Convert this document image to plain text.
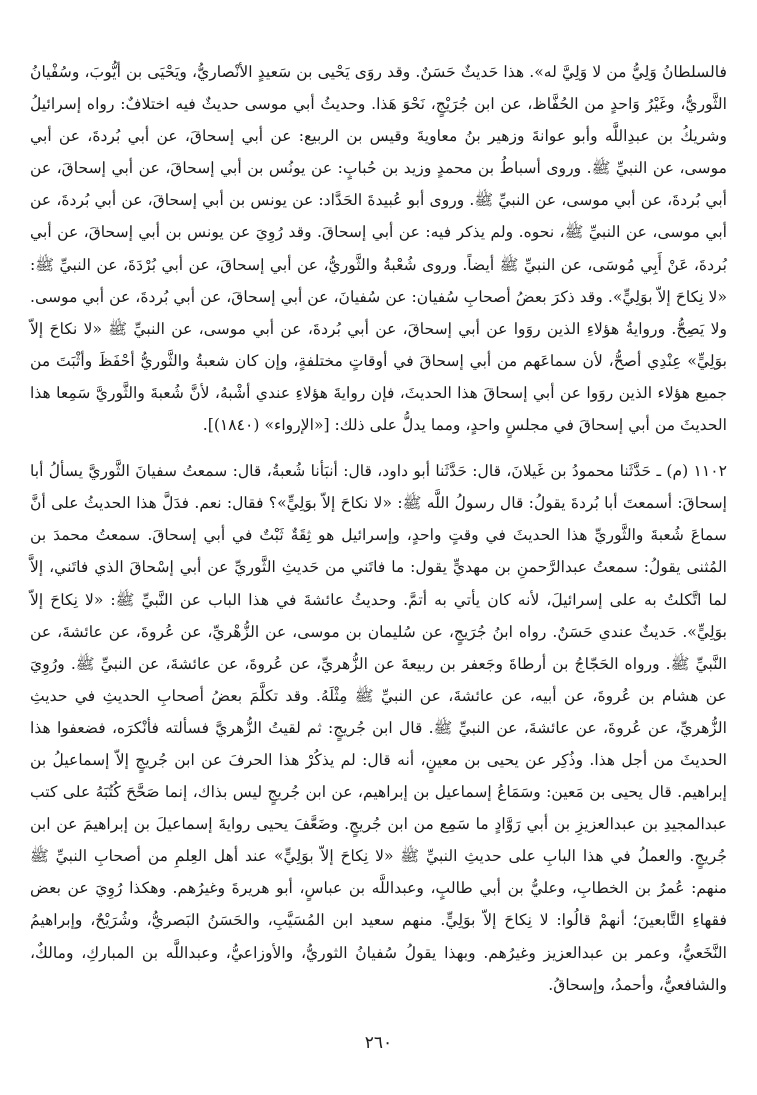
فالسلطانُ وَلِيُّ من لا وَلِيَّ له». هذا حَديثٌ حَسَنٌ. وقد روَى يَحْيى بن سَعيدٍ الأنْصاريُّ، ويَحْيَى بن أيُّوبَ، وسُفْيانُ الثَّوريُّ، وغَيْرُ وَاحدٍ من الحُفَّاظ، عن ابن جُرَيْجٍ، نَحْوَ هَذا. وحديثُ أبي موسى حديثٌ فيه اختلافٌ: رواه إسرائيلُ وشريكُ بن عبدِاللَّه وأبو عوانةَ وزهير بنُ معاويةَ وقيس بن الربيع: عن أبي إسحاقَ، عن أبي بُردةَ، عن أبي موسى، عن النبيِّ ﷺ. وروى أسباطُ بن محمدٍ وزيد بن حُبابٍ: عن يونُس بن أبي إسحاقَ، عن أبي إسحاقَ، عن أبي بُردةَ، عن أبي موسى، عن النبيِّ ﷺ. وروى أبو عُبيدةَ الحَدَّاد: عن يونس بن أبي إسحاقَ، عن أبي بُردةَ، عن أبي موسى، عن النبيِّ ﷺ، نحوه. ولم يذكر فيه: عن أبي إسحاقَ. وقد رُوِيَ عن يونس بن أبي إسحاقَ، عن أبي بُردةَ، عَنْ أَبِي مُوسَى، عن النبيِّ ﷺ أيضاً. وروى شُعْبةُ والثَّوريُّ، عن أبي إسحاقَ، عن أبي بُرْدَةَ، عن النبيِّ ﷺ: «لا نِكاحَ إلاّ بوَلِيٍّ». وقد ذكرَ بعضُ أصحابِ سُفيان: عن سُفيانَ، عن أبي إسحاقَ، عن أبي بُردةَ، عن أبي موسى. ولا يَصِحُّ. وروايةُ هؤلاءِ الذين روَوا عن أبي إسحاقَ، عن أبي بُردةَ، عن أبي موسى، عن النبيِّ ﷺ «لا نكاحَ إلاّ بوَلِيٍّ» عِنْدِي أصحُّ، لأن سماعَهم من أبي إسحاقَ في أوقاتٍ مختلفةٍ، وإن كان شعبةُ والثَّوريُّ أحْفَظَ وأثْبَتَ من جميع هؤلاء الذين روَوا عن أبي إسحاقَ هذا الحديثَ، فإن روايةَ هؤلاءِ عندي أشْبهُ، لأنَّ شُعبةَ والثَّوريَّ سَمِعا هذا الحديثَ من أبي إسحاقَ في مجلسٍ واحدٍ، ومما يدلُّ على ذلك: [«الإرواء» (١٨٤٠)].

١١٠٢ (م) ـ حَدَّثَنا محمودُ بن غَيلانَ، قال: حَدَّثَنا أبو داود، قال: أنبَأنا شُعبةُ، قال: سمعتُ سفيانَ الثَّوريَّ يسألُ أبا إسحاقَ: أسمعتَ أبا بُردةَ يقولُ: قال رسولُ اللَّه ﷺ: «لا نكاحَ إلاّ بوَلِيٍّ»؟ فقال: نعم. فدَلَّ هذا الحديثُ على أنَّ سماعَ شُعبةَ والثَّوريِّ هذا الحديثَ في وقتٍ واحدٍ، وإسرائيل هو ثِقَةٌ ثَبْتٌ في أبي إسحاقَ. سمعتُ محمدَ بن المُثنى يقولُ: سمعتُ عبدالرَّحمنِ بن مهديٍّ يقول: ما فاتَني من حَديثِ الثَّوريِّ عن أبي إسْحاقَ الذي فاتَني، إلاَّ لما اتَّكلتُ به على إسرائيلَ، لأنه كان يأتي به أتمَّ. وحديثُ عائشةَ في هذا الباب عن النَّبيِّ ﷺ: «لا نِكاحَ إلاّ بوَلِيٍّ». حَديثٌ عندي حَسَنٌ. رواه ابنُ جُرَيجٍ، عن سُليمان بن موسى، عن الزُّهْريِّ، عن عُروةَ، عن عائشةَ، عن النَّبيِّ ﷺ. ورواه الحَجّاجُ بن أرطاةَ وجَعفر بن ربيعةَ عن الزُّهريِّ، عن عُروةَ، عن عائشةَ، عن النبيِّ ﷺ. ورُوِيَ عن هشام بن عُروةَ، عن أبيه، عن عائشةَ، عن النبيِّ ﷺ مِثْلَهُ. وقد تكلَّمَ بعضُ أصحابِ الحديثِ في حديثِ الزُّهريِّ، عن عُروةَ، عن عائشةَ، عن النبيِّ ﷺ. قال ابن جُريجٍ: ثم لقيتُ الزُّهريَّ فسألته فأنْكرَه، فضعفوا هذا الحديثَ من أجل هذا. وذُكِر عن يحيى بن معينٍ، أنه قال: لم يذكُرْ هذا الحرفَ عن ابن جُريجٍ إلاّ إسماعيلُ بن إبراهيم. قال يحيى بن مَعين: وسَمَاعُ إسماعيل بن إبراهيم، عن ابن جُريجٍ ليس بذاك، إنما صَحَّحَ كُتُبَهُ على كتب عبدالمجيدِ بن عبدالعزيزِ بن أبي رَوَّادٍ ما سَمِع من ابن جُريجٍ. وضَعَّفَ يحيى روايةَ إسماعيلَ بن إبراهيمَ عن ابن جُريجٍ. والعملُ في هذا البابِ على حديثِ النبيِّ ﷺ «لا نِكاحَ إلاّ بوَلِيٍّ» عند أهل العِلمِ من أصحابِ النبيِّ ﷺ منهم: عُمرُ بن الخطابِ، وعليُّ بن أبي طالبٍ، وعبداللَّه بن عباسٍ، أبو هريرةَ وغيرُهم. وهكذا رُوِيَ عن بعض فقهاءِ التَّابعينَ؛ أنهمْ قالُوا: لا نِكاحَ إلاّ بوَلِيٍّ. منهم سعيد ابن المُسَيَّبِ، والحَسَنُ البَصريُّ، وشُرَيْحٌ، وإبراهيمُ النَّخَعيُّ، وعمر بن عبدالعزيز وغيرُهم. وبهذا يقولُ سُفيانُ الثوريُّ، والأوزاعيُّ، وعبداللَّه بن المباركِ، ومالكٌ، والشافعيُّ، وأحمدُ، وإسحاقُ.

٢٦٠
